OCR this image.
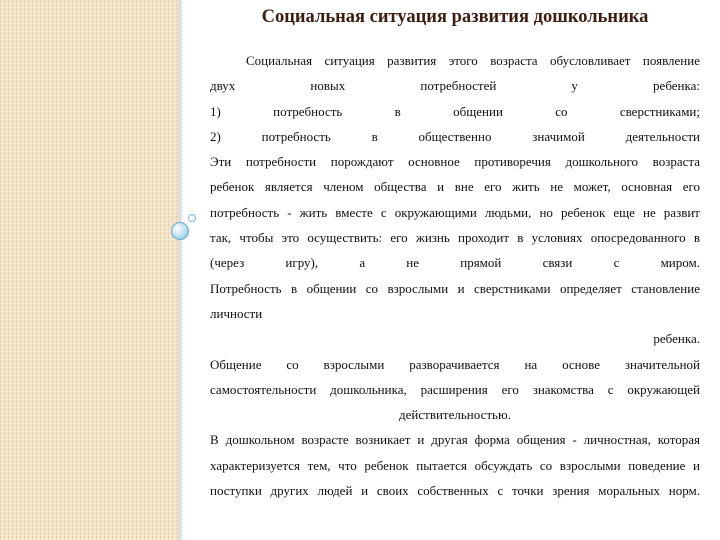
Социальная ситуация развития дошкольника
Социальная ситуация развития этого возраста обусловливает появление
двух новых потребностей у ребенка:
1) потребность в общении со сверстниками;
2) потребность в общественно значимой деятельности
Эти потребности порождают основное противоречия дошкольного возраста
ребенок является членом общества и вне его жить не может, основная его
потребность - жить вместе с окружающими людьми, но ребенок еще не развит
так, чтобы это осуществить: его жизнь проходит в условиях опосредованного в
(через игру), а не прямой связи с миром.
Потребность в общении со взрослыми и сверстниками определяет становление
личности
ребенка.
Общение со взрослыми разворачивается на основе значительной
самостоятельности дошкольника, расширения его знакомства с окружающей
действительностью.
В дошкольном возрасте возникает и другая форма общения - личностная, которая
характеризуется тем, что ребенок пытается обсуждать со взрослыми поведение и
поступки других людей и своих собственных с точки зрения моральных норм.
